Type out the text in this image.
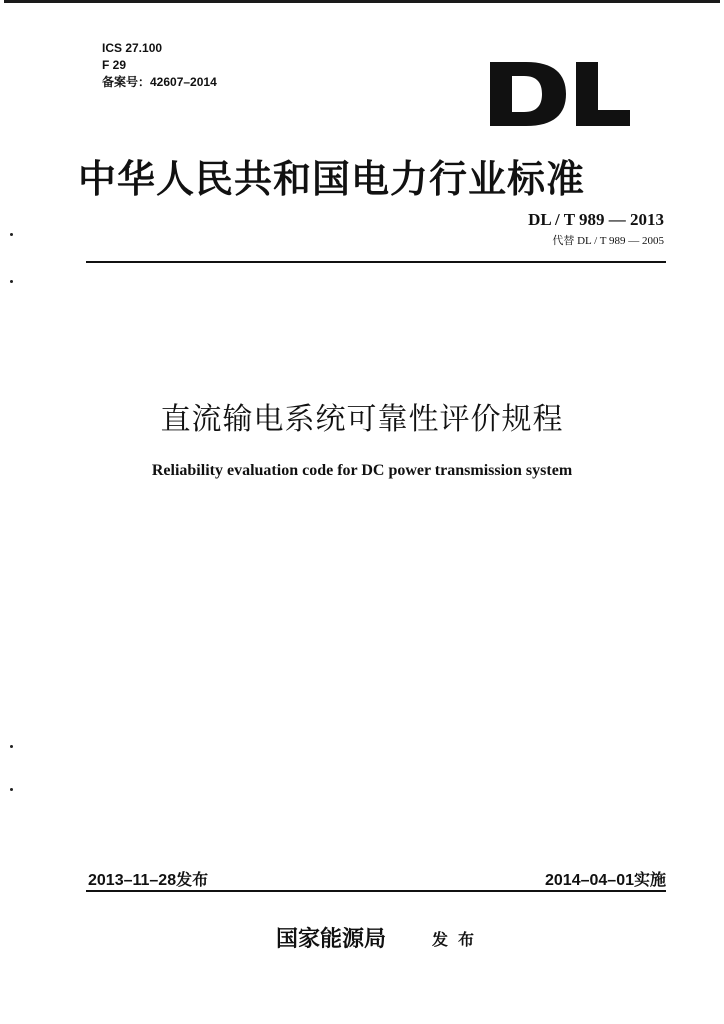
ICS 27.100
F 29
备案号：42607–2014
中华人民共和国电力行业标准
DL / T 989 — 2013
代替 DL / T 989 — 2005
直流输电系统可靠性评价规程
Reliability evaluation code for DC power transmission system
2013–11–28发布	2014–04–01实施
国家能源局	发布
